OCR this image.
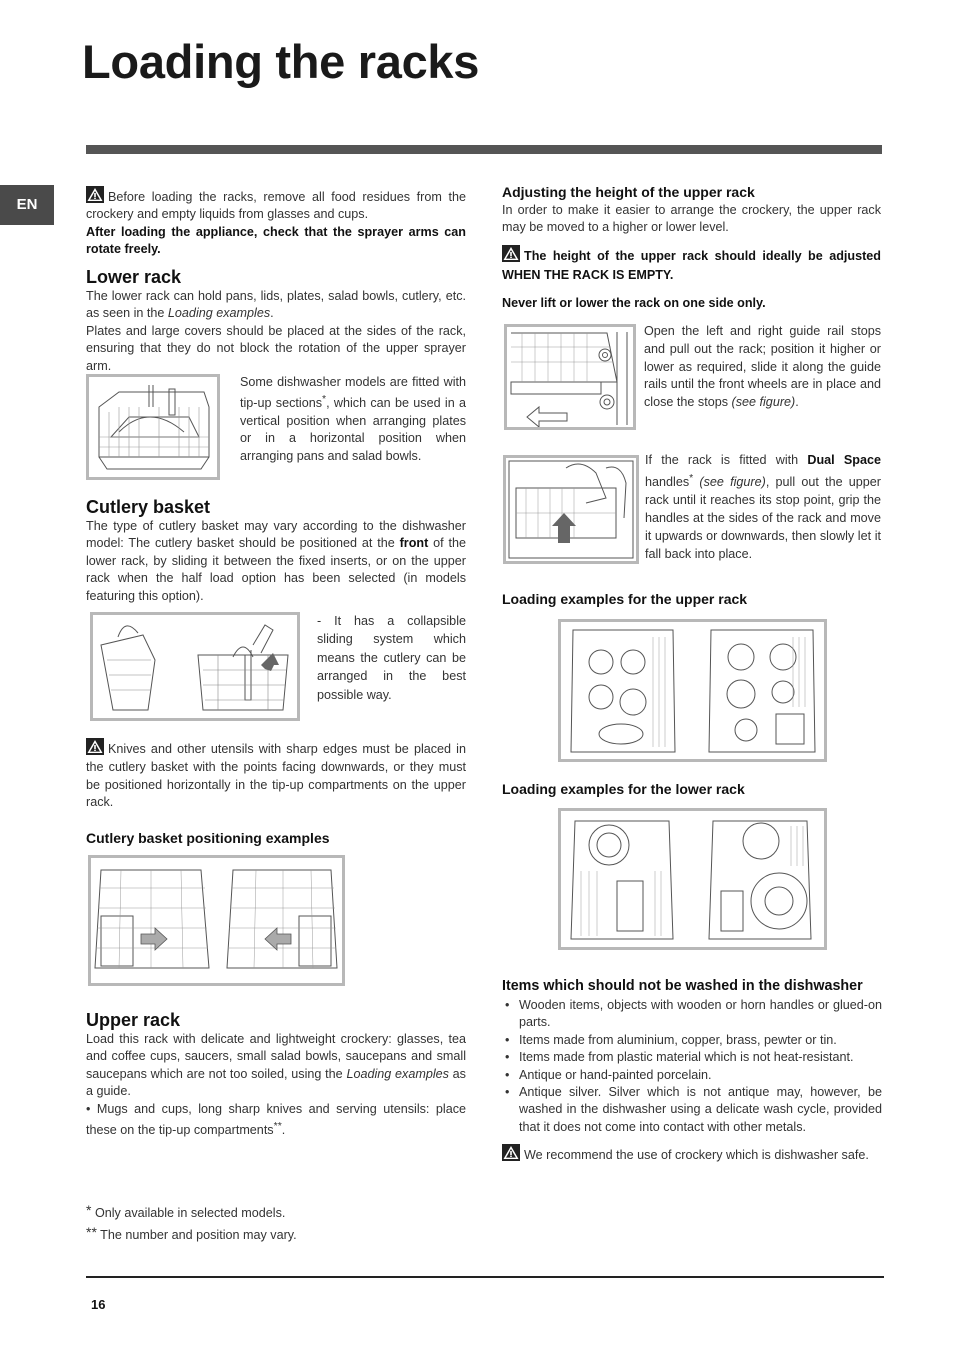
Loading the racks
EN	Before loading the racks, remove all food residues from the crockery and empty liquids from glasses and cups.

After loading the appliance, check that the sprayer arms can rotate freely.

Lower rack

The lower rack can hold pans, lids, plates, salad bowls, cutlery, etc. as seen in the Loading examples.

Plates and large covers should be placed at the sides of the rack, ensuring that they do not block the rotation of the upper sprayer arm.

Some dishwasher models are fitted with tip-up sections*, which can be used in a vertical position when arranging plates or in a horizontal position when arranging pans and salad bowls.

Cutlery basket

The type of cutlery basket may vary according to the dishwasher model: The cutlery basket should be positioned at the front of the lower rack, by sliding it between the fixed inserts, or on the upper rack when the half load option has been selected (in models featuring this option).

- It has a collapsible sliding system which means the cutlery can be arranged in the best possible way.

Knives and other utensils with sharp edges must be placed in the cutlery basket with the points facing downwards, or they must be positioned horizontally in the tip-up compartments on the upper rack.

Cutlery basket positioning examples

Upper rack

Load this rack with delicate and lightweight crockery: glasses, tea and coffee cups, saucers, small salad bowls, saucepans and small saucepans which are not too soiled, using the Loading examples as a guide.

• Mugs and cups, long sharp knives and serving utensils: place these on the tip-up compartments**.

* Only available in selected models.
** The number and position may vary.

Adjusting the height of the upper rack

In order to make it easier to arrange the crockery, the upper rack may be moved to a higher or lower level.

The height of the upper rack should ideally be adjusted WHEN THE RACK IS EMPTY.

Never lift or lower the rack on one side only.

Open the left and right guide rail stops and pull out the rack; position it higher or lower as required, slide it along the guide rails until the front wheels are in place and close the stops (see figure).

If the rack is fitted with Dual Space handles* (see figure), pull out the upper rack until it reaches its stop point, grip the handles at the sides of the rack and move it upwards or downwards, then slowly let it fall back into place.

Loading examples for the upper rack

Loading examples for the lower rack

Items which should not be washed in the dishwasher

• Wooden items, objects with wooden or horn handles or glued-on parts.
• Items made from aluminium, copper, brass, pewter or tin.
• Items made from plastic material which is not heat-resistant.
• Antique or hand-painted porcelain.
• Antique silver. Silver which is not antique may, however, be washed in the dishwasher using a delicate wash cycle, provided that it does not come into contact with other metals.

We recommend the use of crockery which is dishwasher safe.

16
